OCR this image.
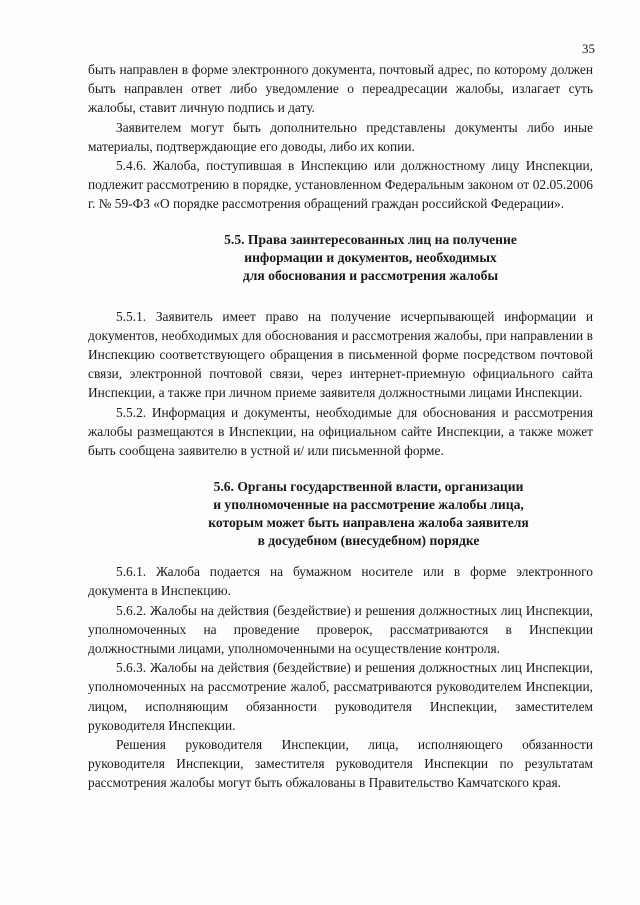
35

быть направлен в форме электронного документа, почтовый адрес, по которому должен быть направлен ответ либо уведомление о переадресации жалобы, излагает суть жалобы, ставит личную подпись и дату.

Заявителем могут быть дополнительно представлены документы либо иные материалы, подтверждающие его доводы, либо их копии.

5.4.6. Жалоба, поступившая в Инспекцию или должностному лицу Инспекции, подлежит рассмотрению в порядке, установленном Федеральным законом от 02.05.2006 г. № 59-ФЗ «О порядке рассмотрения обращений граждан российской Федерации».

5.5. Права заинтересованных лиц на получение
информации и документов, необходимых
для обоснования и рассмотрения жалобы

5.5.1. Заявитель имеет право на получение исчерпывающей информации и документов, необходимых для обоснования и рассмотрения жалобы, при направлении в Инспекцию соответствующего обращения в письменной форме посредством почтовой связи, электронной почтовой связи, через интернет-приемную официального сайта Инспекции, а также при личном приеме заявителя должностными лицами Инспекции.

5.5.2. Информация и документы, необходимые для обоснования и рассмотрения жалобы размещаются в Инспекции, на официальном сайте Инспекции, а также может быть сообщена заявителю в устной и/ или письменной форме.

5.6. Органы государственной власти, организации
и уполномоченные на рассмотрение жалобы лица,
которым может быть направлена жалоба заявителя
в досудебном (внесудебном) порядке

5.6.1. Жалоба подается на бумажном носителе или в форме электронного документа в Инспекцию.

5.6.2. Жалобы на действия (бездействие) и решения должностных лиц Инспекции, уполномоченных на проведение проверок, рассматриваются в Инспекции должностными лицами, уполномоченными на осуществление контроля.

5.6.3. Жалобы на действия (бездействие) и решения должностных лиц Инспекции, уполномоченных на рассмотрение жалоб, рассматриваются руководителем Инспекции, лицом, исполняющим обязанности руководителя Инспекции, заместителем руководителя Инспекции.

Решения руководителя Инспекции, лица, исполняющего обязанности руководителя Инспекции, заместителя руководителя Инспекции по результатам рассмотрения жалобы могут быть обжалованы в Правительство Камчатского края.
